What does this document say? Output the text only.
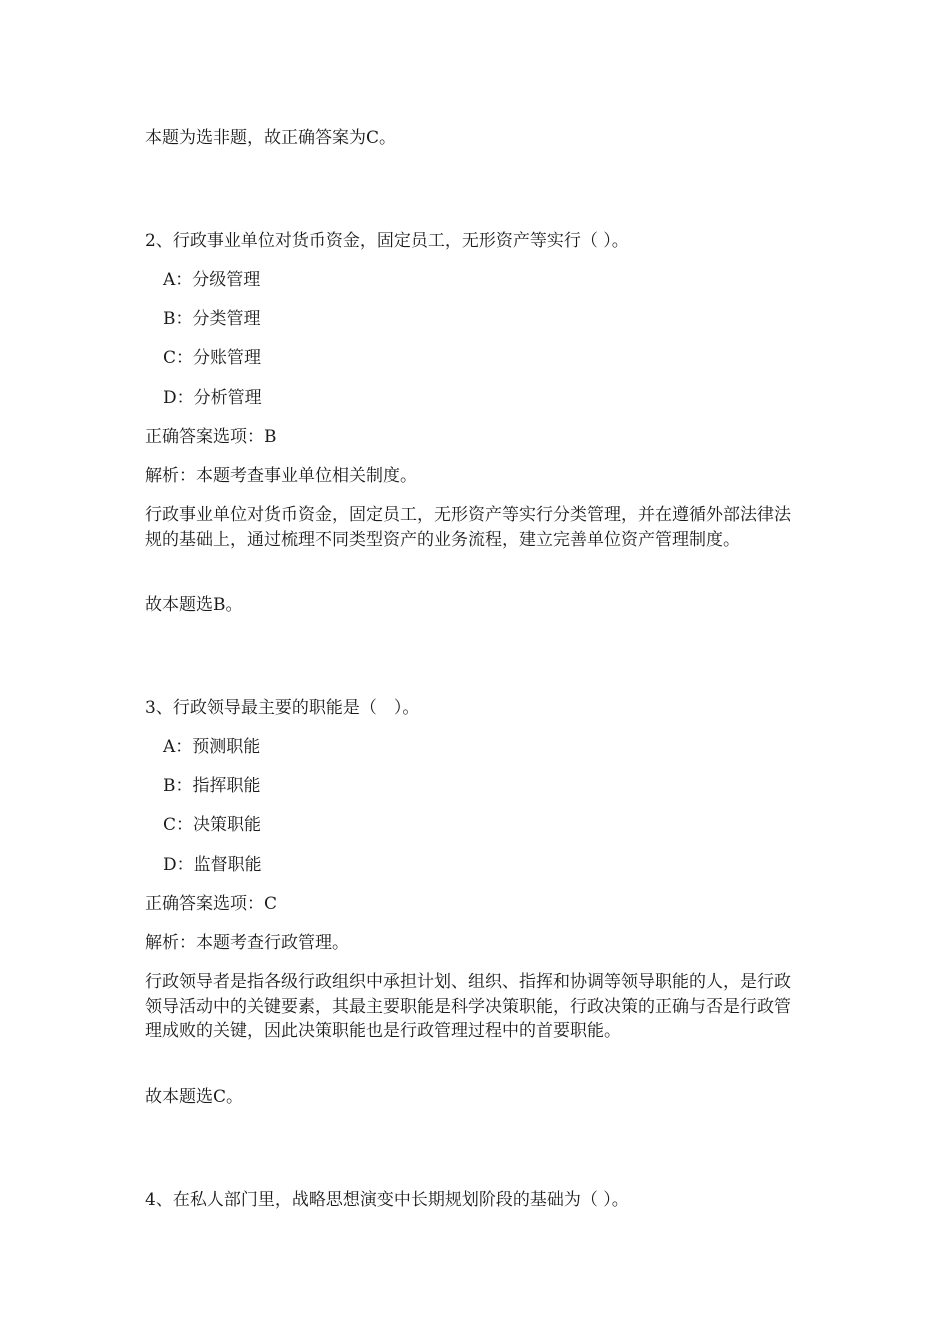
本题为选非题，故正确答案为C。
2、行政事业单位对货币资金，固定员工，无形资产等实行（ ）。
A：分级管理
B：分类管理
C：分账管理
D：分析管理
正确答案选项：B
解析：本题考查事业单位相关制度。
行政事业单位对货币资金，固定员工，无形资产等实行分类管理，并在遵循外部法律法规的基础上，通过梳理不同类型资产的业务流程，建立完善单位资产管理制度。
故本题选B。
3、行政领导最主要的职能是（　）。
A：预测职能
B：指挥职能
C：决策职能
D：监督职能
正确答案选项：C
解析：本题考查行政管理。
行政领导者是指各级行政组织中承担计划、组织、指挥和协调等领导职能的人，是行政领导活动中的关键要素，其最主要职能是科学决策职能，行政决策的正确与否是行政管理成败的关键，因此决策职能也是行政管理过程中的首要职能。
故本题选C。
4、在私人部门里，战略思想演变中长期规划阶段的基础为（ ）。
